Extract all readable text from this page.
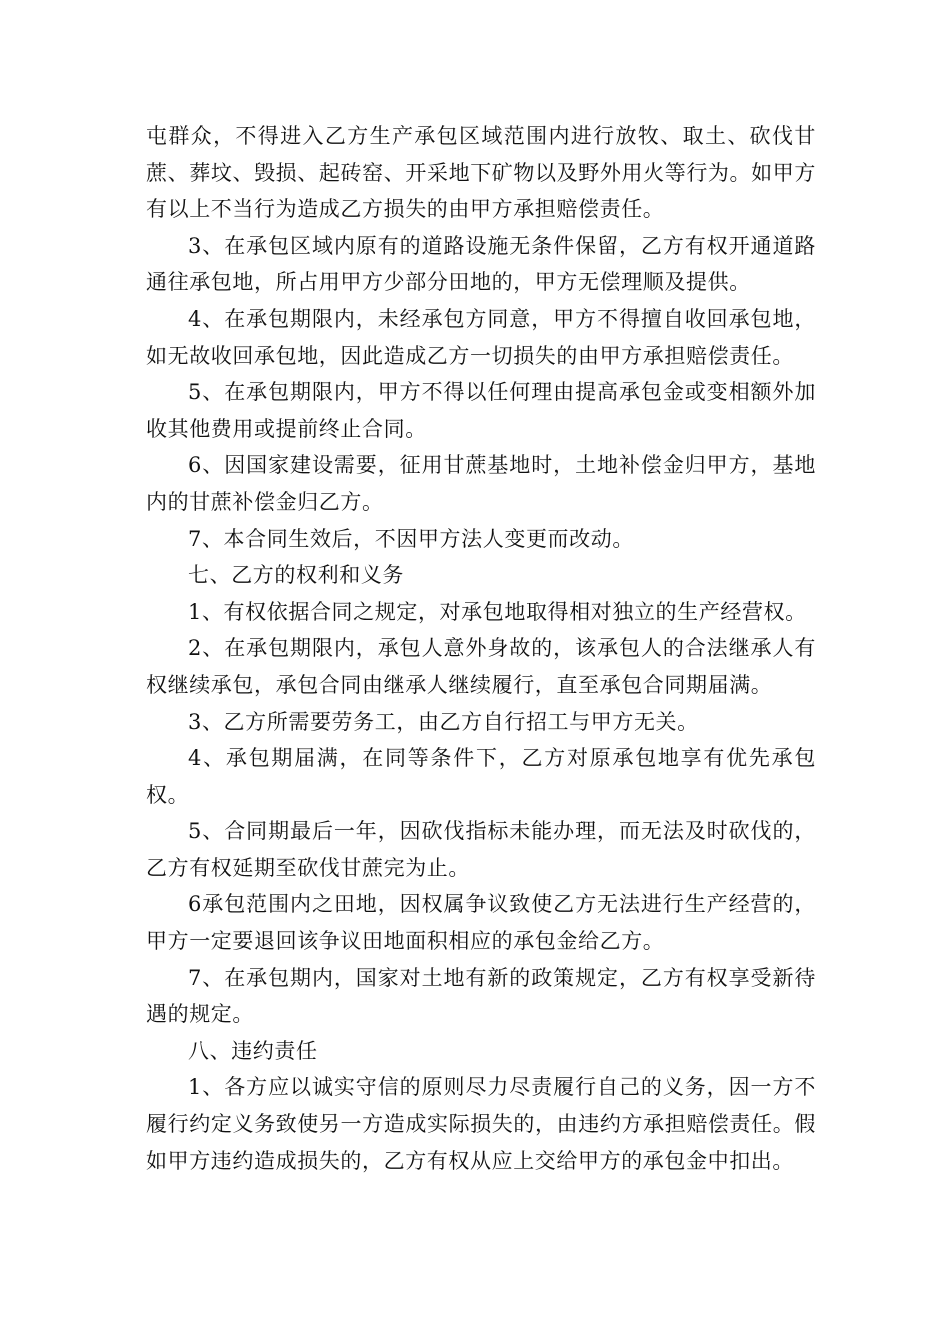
屯群众，不得进入乙方生产承包区域范围内进行放牧、取土、砍伐甘蔗、葬坟、毁损、起砖窑、开采地下矿物以及野外用火等行为。如甲方有以上不当行为造成乙方损失的由甲方承担赔偿责任。

3、在承包区域内原有的道路设施无条件保留，乙方有权开通道路通往承包地，所占用甲方少部分田地的，甲方无偿理顺及提供。

4、在承包期限内，未经承包方同意，甲方不得擅自收回承包地，如无故收回承包地，因此造成乙方一切损失的由甲方承担赔偿责任。

5、在承包期限内，甲方不得以任何理由提高承包金或变相额外加收其他费用或提前终止合同。

6、因国家建设需要，征用甘蔗基地时，土地补偿金归甲方，基地内的甘蔗补偿金归乙方。

7、本合同生效后，不因甲方法人变更而改动。

七、乙方的权利和义务

1、有权依据合同之规定，对承包地取得相对独立的生产经营权。

2、在承包期限内，承包人意外身故的，该承包人的合法继承人有权继续承包，承包合同由继承人继续履行，直至承包合同期届满。

3、乙方所需要劳务工，由乙方自行招工与甲方无关。

4、承包期届满，在同等条件下，乙方对原承包地享有优先承包权。

5、合同期最后一年，因砍伐指标未能办理，而无法及时砍伐的，乙方有权延期至砍伐甘蔗完为止。

6承包范围内之田地，因权属争议致使乙方无法进行生产经营的，甲方一定要退回该争议田地面积相应的承包金给乙方。

7、在承包期内，国家对土地有新的政策规定，乙方有权享受新待遇的规定。

八、违约责任

1、各方应以诚实守信的原则尽力尽责履行自己的义务，因一方不履行约定义务致使另一方造成实际损失的，由违约方承担赔偿责任。假如甲方违约造成损失的，乙方有权从应上交给甲方的承包金中扣出。
